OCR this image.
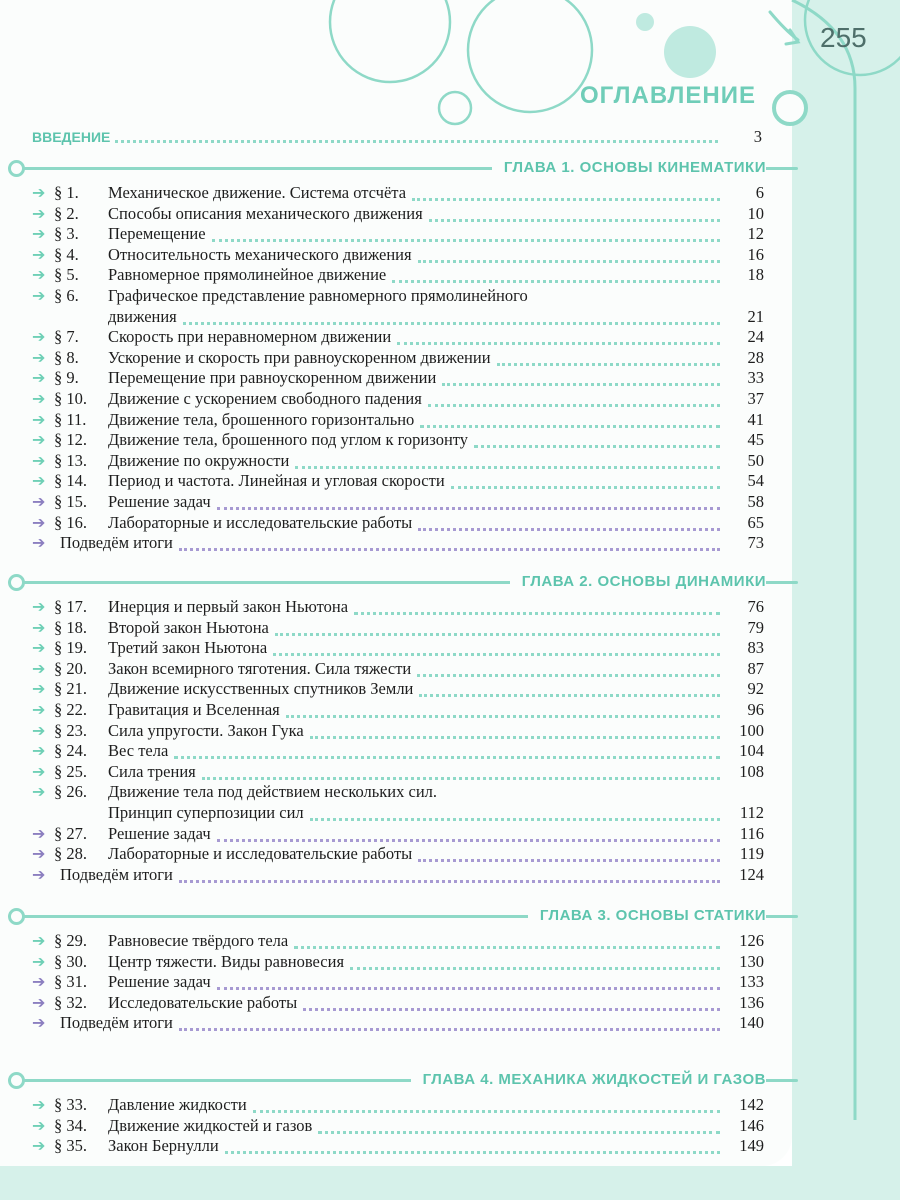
255
ОГЛАВЛЕНИЕ
ВВЕДЕНИЕ	3
ГЛАВА 1. ОСНОВЫ КИНЕМАТИКИ
➔ § 1. Механическое движение. Система отсчёта	6
➔ § 2. Способы описания механического движения	10
➔ § 3. Перемещение	12
➔ § 4. Относительность механического движения	16
➔ § 5. Равномерное прямолинейное движение	18
➔ § 6. Графическое представление равномерного прямолинейного
движения	21
➔ § 7. Скорость при неравномерном движении	24
➔ § 8. Ускорение и скорость при равноускоренном движении	28
➔ § 9. Перемещение при равноускоренном движении	33
➔ § 10. Движение с ускорением свободного падения	37
➔ § 11. Движение тела, брошенного горизонтально	41
➔ § 12. Движение тела, брошенного под углом к горизонту	45
➔ § 13. Движение по окружности	50
➔ § 14. Период и частота. Линейная и угловая скорости	54
➔ § 15. Решение задач	58
➔ § 16. Лабораторные и исследовательские работы	65
➔ Подведём итоги	73
ГЛАВА 2. ОСНОВЫ ДИНАМИКИ
➔ § 17. Инерция и первый закон Ньютона	76
➔ § 18. Второй закон Ньютона	79
➔ § 19. Третий закон Ньютона	83
➔ § 20. Закон всемирного тяготения. Сила тяжести	87
➔ § 21. Движение искусственных спутников Земли	92
➔ § 22. Гравитация и Вселенная	96
➔ § 23. Сила упругости. Закон Гука	100
➔ § 24. Вес тела	104
➔ § 25. Сила трения	108
➔ § 26. Движение тела под действием нескольких сил.
Принцип суперпозиции сил	112
➔ § 27. Решение задач	116
➔ § 28. Лабораторные и исследовательские работы	119
➔ Подведём итоги	124
ГЛАВА 3. ОСНОВЫ СТАТИКИ
➔ § 29. Равновесие твёрдого тела	126
➔ § 30. Центр тяжести. Виды равновесия	130
➔ § 31. Решение задач	133
➔ § 32. Исследовательские работы	136
➔ Подведём итоги	140
ГЛАВА 4. МЕХАНИКА ЖИДКОСТЕЙ И ГАЗОВ
➔ § 33. Давление жидкости	142
➔ § 34. Движение жидкостей и газов	146
➔ § 35. Закон Бернулли	149
